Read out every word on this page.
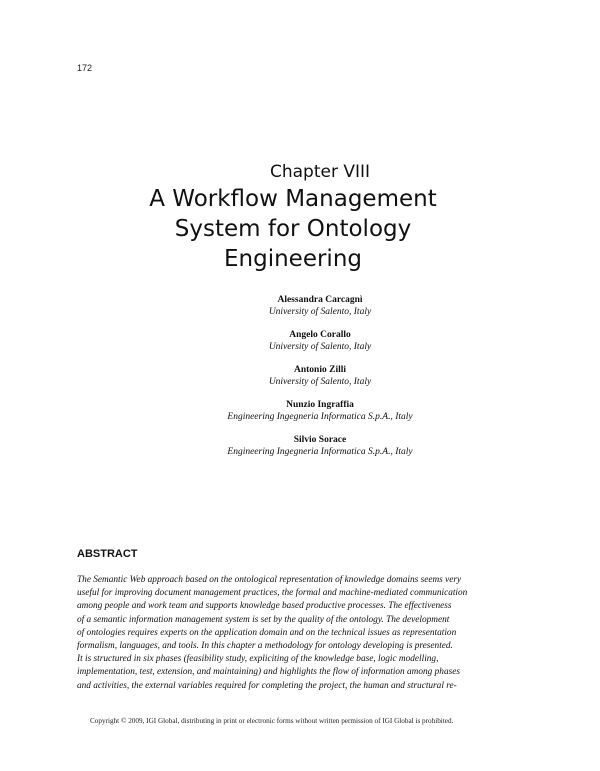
172
Chapter VIII
A Workflow Management System for Ontology Engineering
Alessandra Carcagnì
University of Salento, Italy
Angelo Corallo
University of Salento, Italy
Antonio Zilli
University of Salento, Italy
Nunzio Ingraffia
Engineering Ingegneria Informatica S.p.A., Italy
Silvio Sorace
Engineering Ingegneria Informatica S.p.A., Italy
ABSTRACT
The Semantic Web approach based on the ontological representation of knowledge domains seems very
useful for improving document management practices, the formal and machine-mediated communication
among people and work team and supports knowledge based productive processes. The effectiveness
of a semantic information management system is set by the quality of the ontology. The development
of ontologies requires experts on the application domain and on the technical issues as representation
formalism, languages, and tools. In this chapter a methodology for ontology developing is presented.
It is structured in six phases (feasibility study, expliciting of the knowledge base, logic modelling,
implementation, test, extension, and maintaining) and highlights the flow of information among phases
and activities, the external variables required for completing the project, the human and structural re-
Copyright © 2009, IGI Global, distributing in print or electronic forms without written permission of IGI Global is prohibited.
